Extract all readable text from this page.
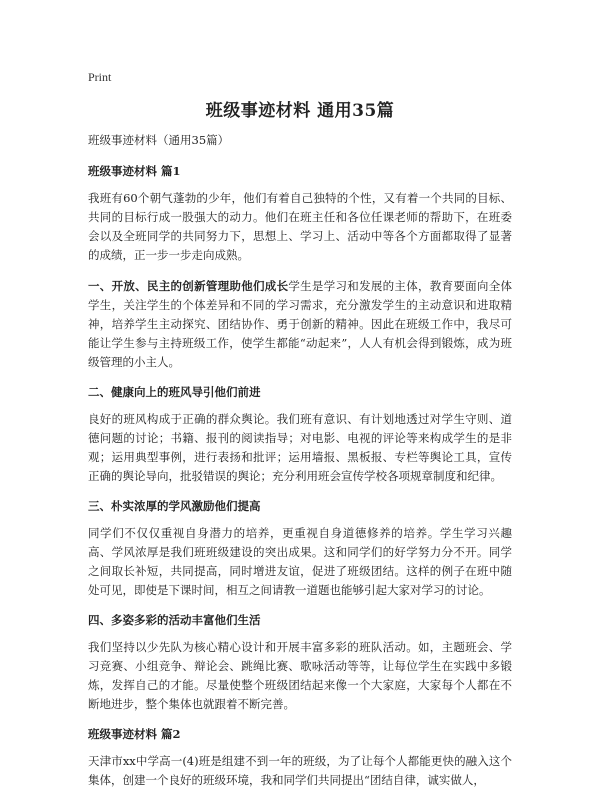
Print
班级事迹材料 通用35篇

班级事迹材料（通用35篇）

班级事迹材料 篇1

我班有60个朝气蓬勃的少年，他们有着自己独特的个性，又有着一个共同的目标、共同的目标行成一股强大的动力。他们在班主任和各位任课老师的帮助下，在班委会以及全班同学的共同努力下，思想上、学习上、活动中等各个方面都取得了显著的成绩，正一步一步走向成熟。

一、开放、民主的创新管理助他们成长学生是学习和发展的主体，教育要面向全体学生，关注学生的个体差异和不同的学习需求，充分激发学生的主动意识和进取精神，培养学生主动探究、团结协作、勇于创新的精神。因此在班级工作中，我尽可能让学生参与主持班级工作，使学生都能“动起来”，人人有机会得到锻炼，成为班级管理的小主人。

二、健康向上的班风导引他们前进

良好的班风构成于正确的群众舆论。我们班有意识、有计划地透过对学生守则、道德问题的讨论；书籍、报刊的阅读指导；对电影、电视的评论等来构成学生的是非观；运用典型事例，进行表扬和批评；运用墙报、黑板报、专栏等舆论工具，宣传正确的舆论导向，批驳错误的舆论；充分利用班会宣传学校各项规章制度和纪律。

三、朴实浓厚的学风激励他们提高

同学们不仅仅重视自身潜力的培养，更重视自身道德修养的培养。学生学习兴趣高、学风浓厚是我们班班级建设的突出成果。这和同学们的好学努力分不开。同学之间取长补短，共同提高，同时增进友谊，促进了班级团结。这样的例子在班中随处可见，即使是下课时间，相互之间请教一道题也能够引起大家对学习的讨论。

四、多姿多彩的活动丰富他们生活

我们坚持以少先队为核心精心设计和开展丰富多彩的班队活动。如，主题班会、学习竞赛、小组竞争、辩论会、跳绳比赛、歌咏活动等等，让每位学生在实践中多锻炼，发挥自己的才能。尽量使整个班级团结起来像一个大家庭，大家每个人都在不断地进步，整个集体也就跟着不断完善。

班级事迹材料 篇2

天津市xx中学高一(4)班是组建不到一年的班级，为了让每个人都能更快的融入这个集体，创建一个良好的班级环境，我和同学们共同提出“团结自律，诚实做人，
